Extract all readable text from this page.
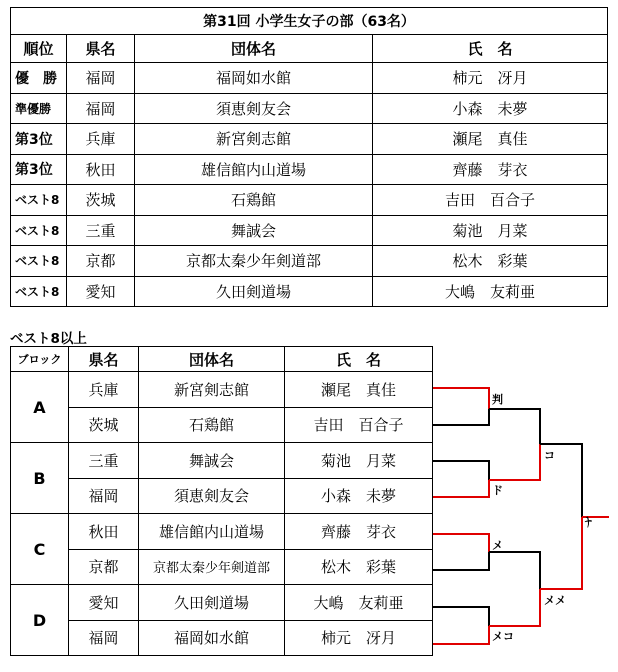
第31回 小学生女子の部（63名）			
順位	県名	団体名	氏　名
優　勝	福岡	福岡如水館	柿元　冴月
準優勝	福岡	須恵剣友会	小森　未夢
第3位	兵庫	新宮剣志館	瀬尾　真佳
第3位	秋田	雄信館内山道場	齊藤　芽衣
ベスト8	茨城	石鶏館	吉田　百合子
ベスト8	三重	舞誠会	菊池　月菜
ベスト8	京都	京都太秦少年剣道部	松木　彩葉
ベスト8	愛知	久田剣道場	大嶋　友莉亜
ベスト8以上
ブロック	県名	団体名	氏　名
A	兵庫	新宮剣志館	瀬尾　真佳
	茨城	石鶏館	吉田　百合子
B	三重	舞誠会	菊池　月菜
	福岡	須恵剣友会	小森　未夢
C	秋田	雄信館内山道場	齊藤　芽衣
	京都	京都太秦少年剣道部	松木　彩葉
D	愛知	久田剣道場	大嶋　友莉亜
	福岡	福岡如水館	柿元　冴月
判
ド
メ
メコ
コ
メメ
メ
